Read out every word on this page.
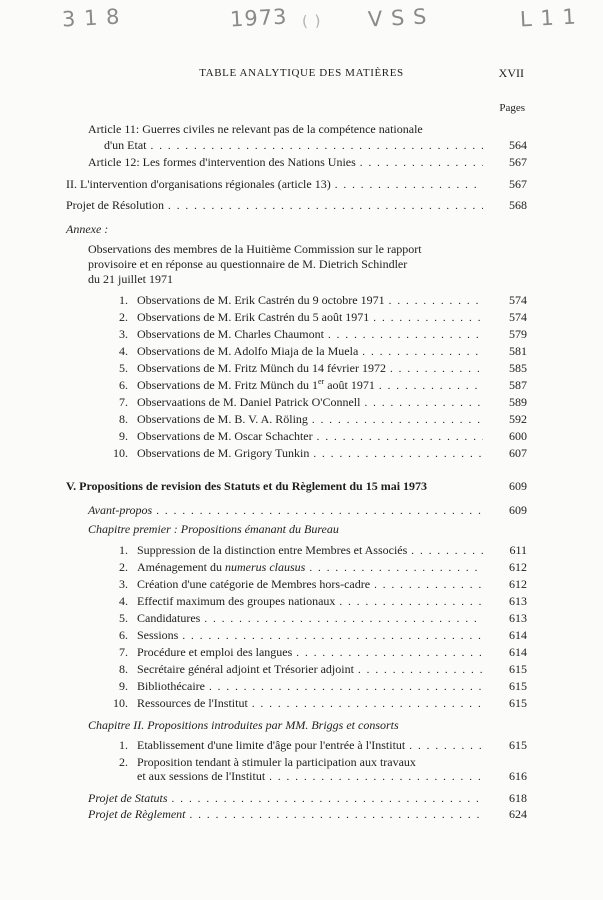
3 1 8	1973 ( ) V S S	L 1 1
TABLE ANALYTIQUE DES MATIÈRES	XVII
Pages
Article 11: Guerres civiles ne relevant pas de la compétence nationale
d'un Etat . . .	564
Article 12: Les formes d'intervention des Nations Unies . . .	567
II. L'intervention d'organisations régionales (article 13) . . .	567
Projet de Résolution . . .	568
Annexe :
Observations des membres de la Huitième Commission sur le rapport
provisoire et en réponse au questionnaire de M. Dietrich Schindler
du 21 juillet 1971
1. Observations de M. Erik Castrén du 9 octobre 1971 . . .	574
2. Observations de M. Erik Castrén du 5 août 1971 . . .	574
3. Observations de M. Charles Chaumont . . .	579
4. Observations de M. Adolfo Miaja de la Muela . . .	581
5. Observations de M. Fritz Münch du 14 février 1972 . . .	585
6. Observations de M. Fritz Münch du 1er août 1971 . . .	587
7. Observaations de M. Daniel Patrick O'Connell . . .	589
8. Observations de M. B. V. A. Röling . . .	592
9. Observations de M. Oscar Schachter . . .	600
10. Observations de M. Grigory Tunkin . . .	607
V. Propositions de revision des Statuts et du Règlement du 15 mai 1973	609
Avant-propos . . .	609
Chapitre premier : Propositions émanant du Bureau
1. Suppression de la distinction entre Membres et Associés . . .	611
2. Aménagement du numerus clausus . . .	612
3. Création d'une catégorie de Membres hors-cadre . . .	612
4. Effectif maximum des groupes nationaux . . .	613
5. Candidatures . . .	613
6. Sessions . . .	614
7. Procédure et emploi des langues . . .	614
8. Secrétaire général adjoint et Trésorier adjoint . . .	615
9. Bibliothécaire . . .	615
10. Ressources de l'Institut . . .	615
Chapitre II. Propositions introduites par MM. Briggs et consorts
1. Etablissement d'une limite d'âge pour l'entrée à l'Institut . . .	615
2. Proposition tendant à stimuler la participation aux travaux
et aux sessions de l'Institut . . .	616
Projet de Statuts . . .	618
Projet de Règlement . . .	624
